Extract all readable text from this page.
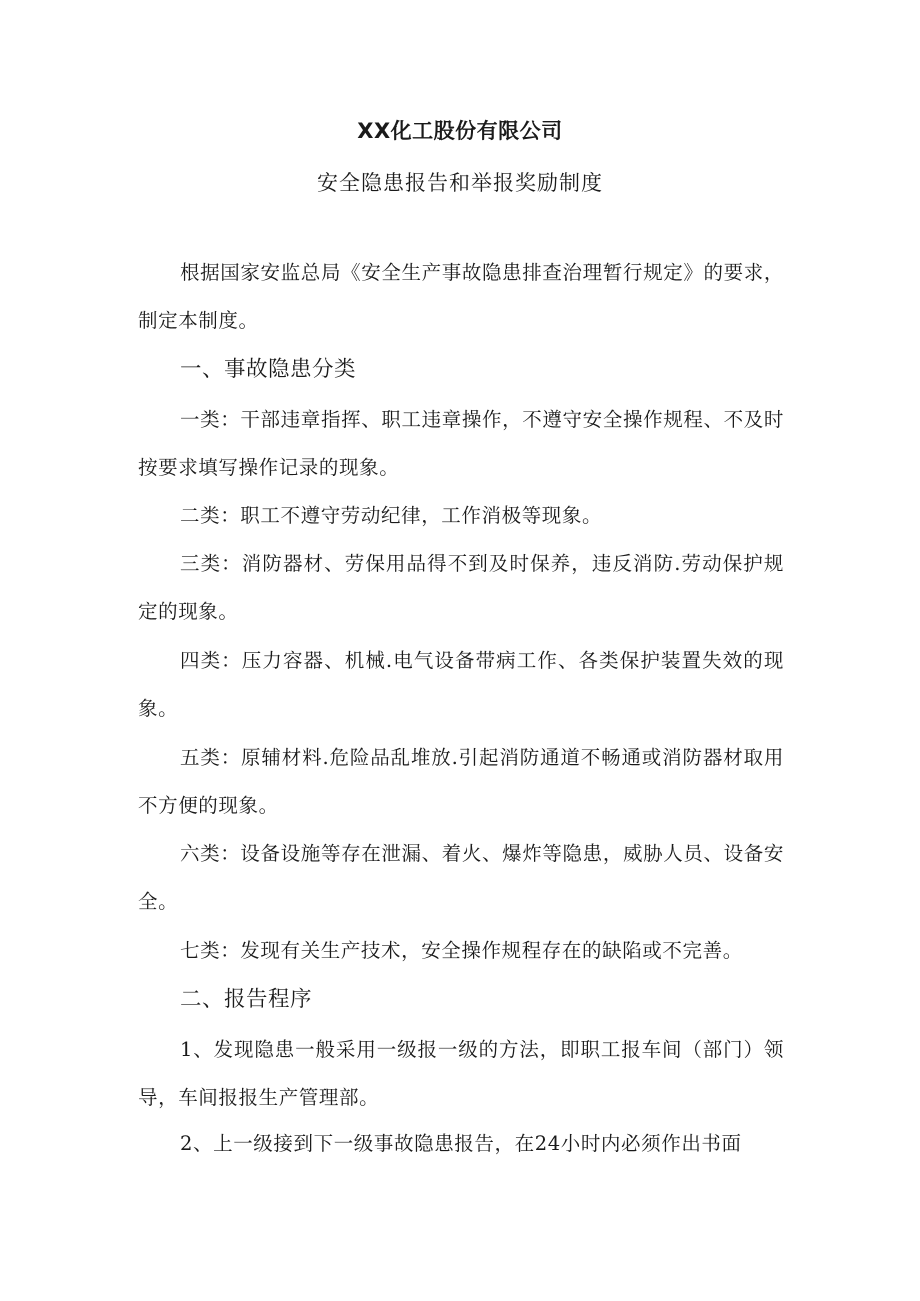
XX化工股份有限公司
安全隐患报告和举报奖励制度

根据国家安监总局《安全生产事故隐患排查治理暂行规定》的要求，制定本制度。

一、事故隐患分类

一类：干部违章指挥、职工违章操作，不遵守安全操作规程、不及时按要求填写操作记录的现象。

二类：职工不遵守劳动纪律，工作消极等现象。

三类：消防器材、劳保用品得不到及时保养，违反消防.劳动保护规定的现象。

四类：压力容器、机械.电气设备带病工作、各类保护装置失效的现象。

五类：原辅材料.危险品乱堆放.引起消防通道不畅通或消防器材取用不方便的现象。

六类：设备设施等存在泄漏、着火、爆炸等隐患，威胁人员、设备安全。

七类：发现有关生产技术，安全操作规程存在的缺陷或不完善。

二、报告程序

1、发现隐患一般采用一级报一级的方法，即职工报车间（部门）领导，车间报报生产管理部。

2、上一级接到下一级事故隐患报告，在24小时内必须作出书面
